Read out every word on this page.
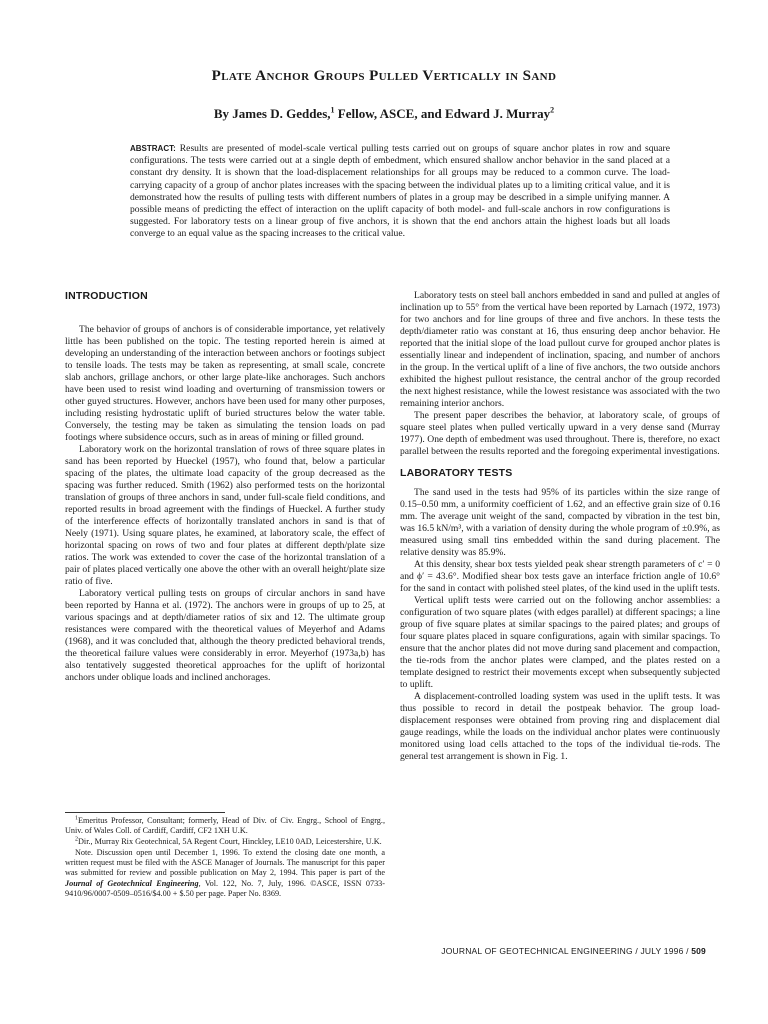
Plate Anchor Groups Pulled Vertically in Sand
By James D. Geddes,$^1$ Fellow, ASCE, and Edward J. Murray$^2$
ABSTRACT: Results are presented of model-scale vertical pulling tests carried out on groups of square anchor plates in row and square configurations. The tests were carried out at a single depth of embedment, which ensured shallow anchor behavior in the sand placed at a constant dry density. It is shown that the load-displacement relationships for all groups may be reduced to a common curve. The load-carrying capacity of a group of anchor plates increases with the spacing between the individual plates up to a limiting critical value, and it is demonstrated how the results of pulling tests with different numbers of plates in a group may be described in a simple unifying manner. A possible means of predicting the effect of interaction on the uplift capacity of both model- and full-scale anchors in row configurations is suggested. For laboratory tests on a linear group of five anchors, it is shown that the end anchors attain the highest loads but all loads converge to an equal value as the spacing increases to the critical value.
INTRODUCTION

The behavior of groups of anchors is of considerable importance, yet relatively little has been published on the topic. The testing reported herein is aimed at developing an understanding of the interaction between anchors or footings subject to tensile loads. The tests may be taken as representing, at small scale, concrete slab anchors, grillage anchors, or other large plate-like anchorages. Such anchors have been used to resist wind loading and overturning of transmission towers or other guyed structures. However, anchors have been used for many other purposes, including resisting hydrostatic uplift of buried structures below the water table. Conversely, the testing may be taken as simulating the tension loads on pad footings where subsidence occurs, such as in areas of mining or filled ground.

Laboratory work on the horizontal translation of rows of three square plates in sand has been reported by Hueckel (1957), who found that, below a particular spacing of the plates, the ultimate load capacity of the group decreased as the spacing was further reduced. Smith (1962) also performed tests on the horizontal translation of groups of three anchors in sand, under full-scale field conditions, and reported results in broad agreement with the findings of Hueckel. A further study of the interference effects of horizontally translated anchors in sand is that of Neely (1971). Using square plates, he examined, at laboratory scale, the effect of horizontal spacing on rows of two and four plates at different depth/plate size ratios. The work was extended to cover the case of the horizontal translation of a pair of plates placed vertically one above the other with an overall height/plate size ratio of five.

Laboratory vertical pulling tests on groups of circular anchors in sand have been reported by Hanna et al. (1972). The anchors were in groups of up to 25, at various spacings and at depth/diameter ratios of six and 12. The ultimate group resistances were compared with the theoretical values of Meyerhof and Adams (1968), and it was concluded that, although the theory predicted behavioral trends, the theoretical failure values were considerably in error. Meyerhof (1973a,b) has also tentatively suggested theoretical approaches for the uplift of horizontal anchors under oblique loads and inclined anchorages.

Laboratory tests on steel ball anchors embedded in sand and pulled at angles of inclination up to 55° from the vertical have been reported by Larnach (1972, 1973) for two anchors and for line groups of three and five anchors. In these tests the depth/diameter ratio was constant at 16, thus ensuring deep anchor behavior. He reported that the initial slope of the load pullout curve for grouped anchor plates is essentially linear and independent of inclination, spacing, and number of anchors in the group. In the vertical uplift of a line of five anchors, the two outside anchors exhibited the highest pullout resistance, the central anchor of the group recorded the next highest resistance, while the lowest resistance was associated with the two remaining interior anchors.

The present paper describes the behavior, at laboratory scale, of groups of square steel plates when pulled vertically upward in a very dense sand (Murray 1977). One depth of embedment was used throughout. There is, therefore, no exact parallel between the results reported and the foregoing experimental investigations.

LABORATORY TESTS

The sand used in the tests had 95% of its particles within the size range of 0.15–0.50 mm, a uniformity coefficient of 1.62, and an effective grain size of 0.16 mm. The average unit weight of the sand, compacted by vibration in the test bin, was 16.5 kN/m³, with a variation of density during the whole program of ±0.9%, as measured using small tins embedded within the sand during placement. The relative density was 85.9%.

At this density, shear box tests yielded peak shear strength parameters of c′ = 0 and ϕ′ = 43.6°. Modified shear box tests gave an interface friction angle of 10.6° for the sand in contact with polished steel plates, of the kind used in the uplift tests.

Vertical uplift tests were carried out on the following anchor assemblies: a configuration of two square plates (with edges parallel) at different spacings; a line group of five square plates at similar spacings to the paired plates; and groups of four square plates placed in square configurations, again with similar spacings. To ensure that the anchor plates did not move during sand placement and compaction, the tie-rods from the anchor plates were clamped, and the plates rested on a template designed to restrict their movements except when subsequently subjected to uplift.

A displacement-controlled loading system was used in the uplift tests. It was thus possible to record in detail the postpeak behavior. The group load-displacement responses were obtained from proving ring and displacement dial gauge readings, while the loads on the individual anchor plates were continuously monitored using load cells attached to the tops of the individual tie-rods. The general test arrangement is shown in Fig. 1.

$^1$Emeritus Professor, Consultant; formerly, Head of Div. of Civ. Engrg., School of Engrg., Univ. of Wales Coll. of Cardiff, Cardiff, CF2 1XH U.K.

$^2$Dir., Murray Rix Geotechnical, 5A Regent Court, Hinckley, LE10 0AD, Leicestershire, U.K.

Note. Discussion open until December 1, 1996. To extend the closing date one month, a written request must be filed with the ASCE Manager of Journals. The manuscript for this paper was submitted for review and possible publication on May 2, 1994. This paper is part of the Journal of Geotechnical Engineering, Vol. 122, No. 7, July, 1996. ©ASCE, ISSN 0733-9410/96/0007-0509–0516/$4.00 + $.50 per page. Paper No. 8369.

JOURNAL OF GEOTECHNICAL ENGINEERING / JULY 1996 / 509
